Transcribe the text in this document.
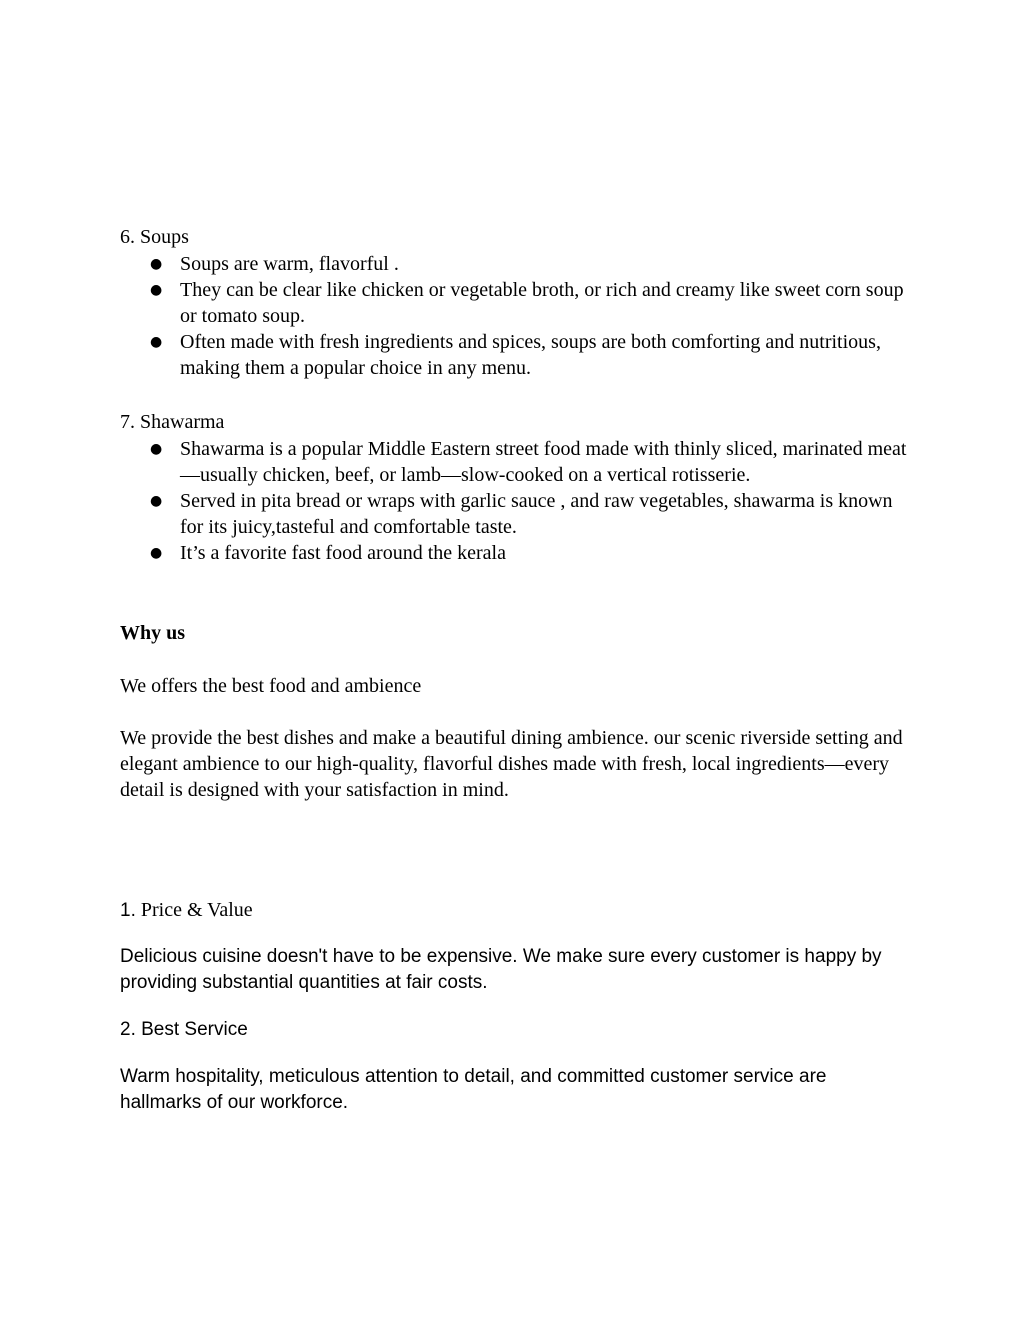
6. Soups
● Soups are warm, flavorful .
● They can be clear like chicken or vegetable broth, or rich and creamy like sweet corn soup or tomato soup.
● Often made with fresh ingredients and spices, soups are both comforting and nutritious, making them a popular choice in any menu.
7. Shawarma
● Shawarma is a popular Middle Eastern street food made with thinly sliced, marinated meat—usually chicken, beef, or lamb—slow-cooked on a vertical rotisserie.
● Served in pita bread or wraps with garlic sauce , and raw vegetables, shawarma is known for its juicy,tasteful and comfortable taste.
● It’s a favorite fast food around the kerala
Why us
We offers the best food and ambience
We provide the best dishes and make a beautiful dining ambience. our scenic riverside setting and elegant ambience to our high-quality, flavorful dishes made with fresh, local ingredients—every detail is designed with your satisfaction in mind.
1. Price & Value
Delicious cuisine doesn't have to be expensive. We make sure every customer is happy by providing substantial quantities at fair costs.
2. Best Service
Warm hospitality, meticulous attention to detail, and committed customer service are hallmarks of our workforce.
